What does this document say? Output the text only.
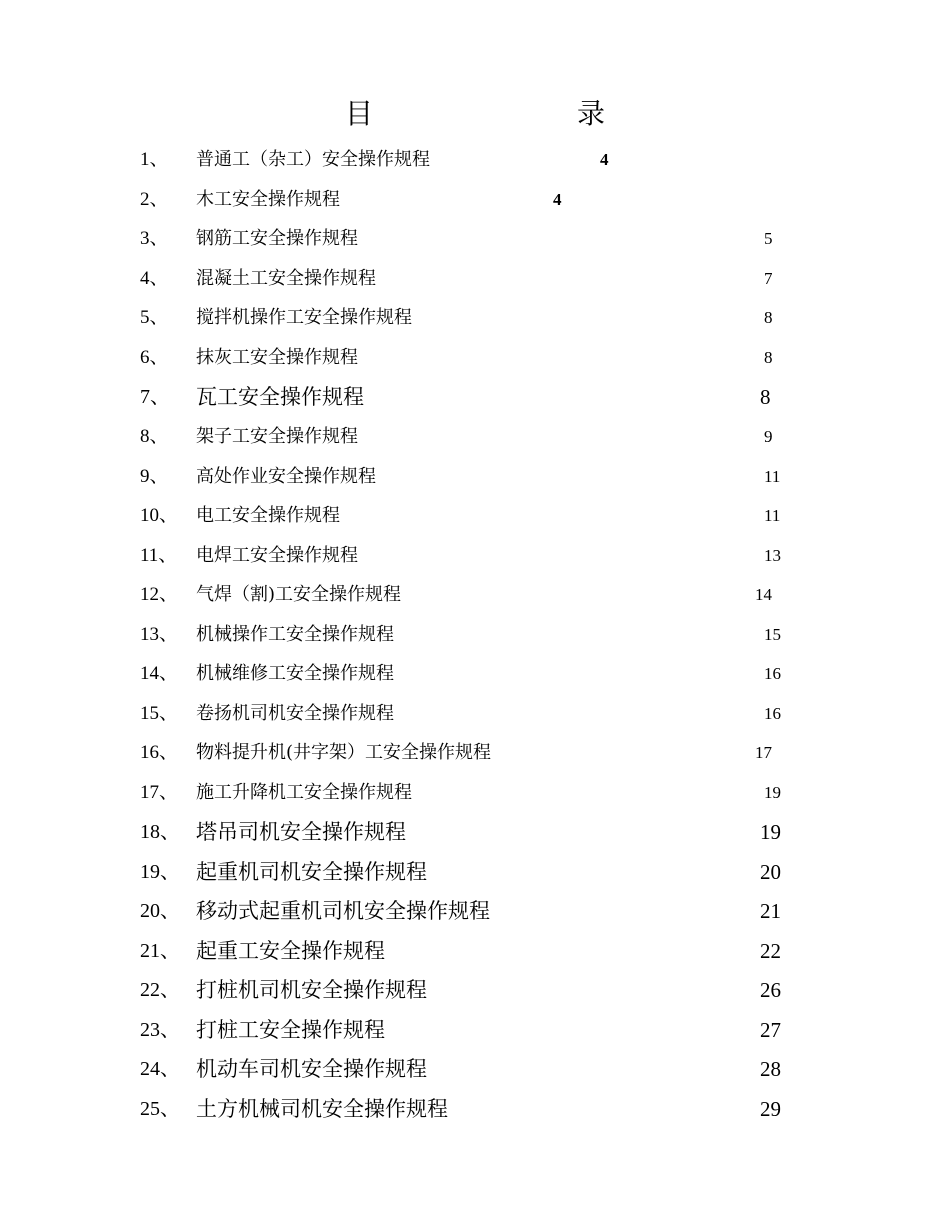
目　录
1、 普通工（杂工）安全操作规程	4
2、 木工安全操作规程	4
3、 钢筋工安全操作规程	5
4、 混凝土工安全操作规程	7
5、 搅拌机操作工安全操作规程	8
6、 抹灰工安全操作规程	8
7、 瓦工安全操作规程	8
8、 架子工安全操作规程	9
9、 高处作业安全操作规程	11
10、 电工安全操作规程	11
11、 电焊工安全操作规程	13
12、 气焊（割)工安全操作规程	14
13、 机械操作工安全操作规程	15
14、 机械维修工安全操作规程	16
15、 卷扬机司机安全操作规程	16
16、 物料提升机(井字架）工安全操作规程	17
17、 施工升降机工安全操作规程	19
18、 塔吊司机安全操作规程	19
19、 起重机司机安全操作规程	20
20、 移动式起重机司机安全操作规程	21
21、 起重工安全操作规程	22
22、 打桩机司机安全操作规程	26
23、 打桩工安全操作规程	27
24、 机动车司机安全操作规程	28
25、 土方机械司机安全操作规程	29
